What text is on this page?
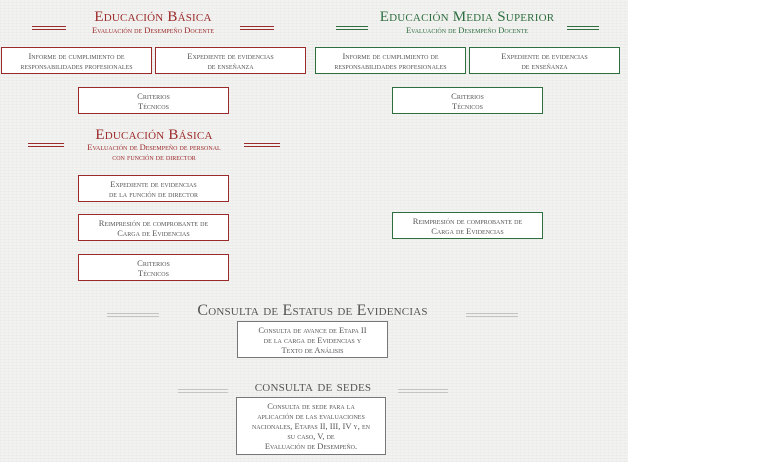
Educación Básica
Evaluación de Desempeño Docente
Informe de cumplimiento de
responsabilidades profesionales
Expediente de evidencias
de enseñanza
Criterios
Técnicos
Educación Media Superior
Evaluación de Desempeño Docente
Informe de cumplimiento de
responsabilidades profesionales
Expediente de evidencias
de enseñanza
Criterios
Técnicos
Reimpresión de comprobante de
Carga de Evidencias
Educación Básica
Evaluación de Desempeño de personal
con función de director
Expediente de evidencias
de la función de director
Reimpresión de comprobante de
Carga de Evidencias
Criterios
Técnicos
Consulta de Estatus de Evidencias
Consulta de avance de Etapa II
de la carga de Evidencias y
Texto de Análisis
consulta de sedes
Consulta de sede para la
aplicación de las evaluaciones
nacionales, Etapas II, III, IV y, en
su caso, V, de
Evaluación de Desempeño.
